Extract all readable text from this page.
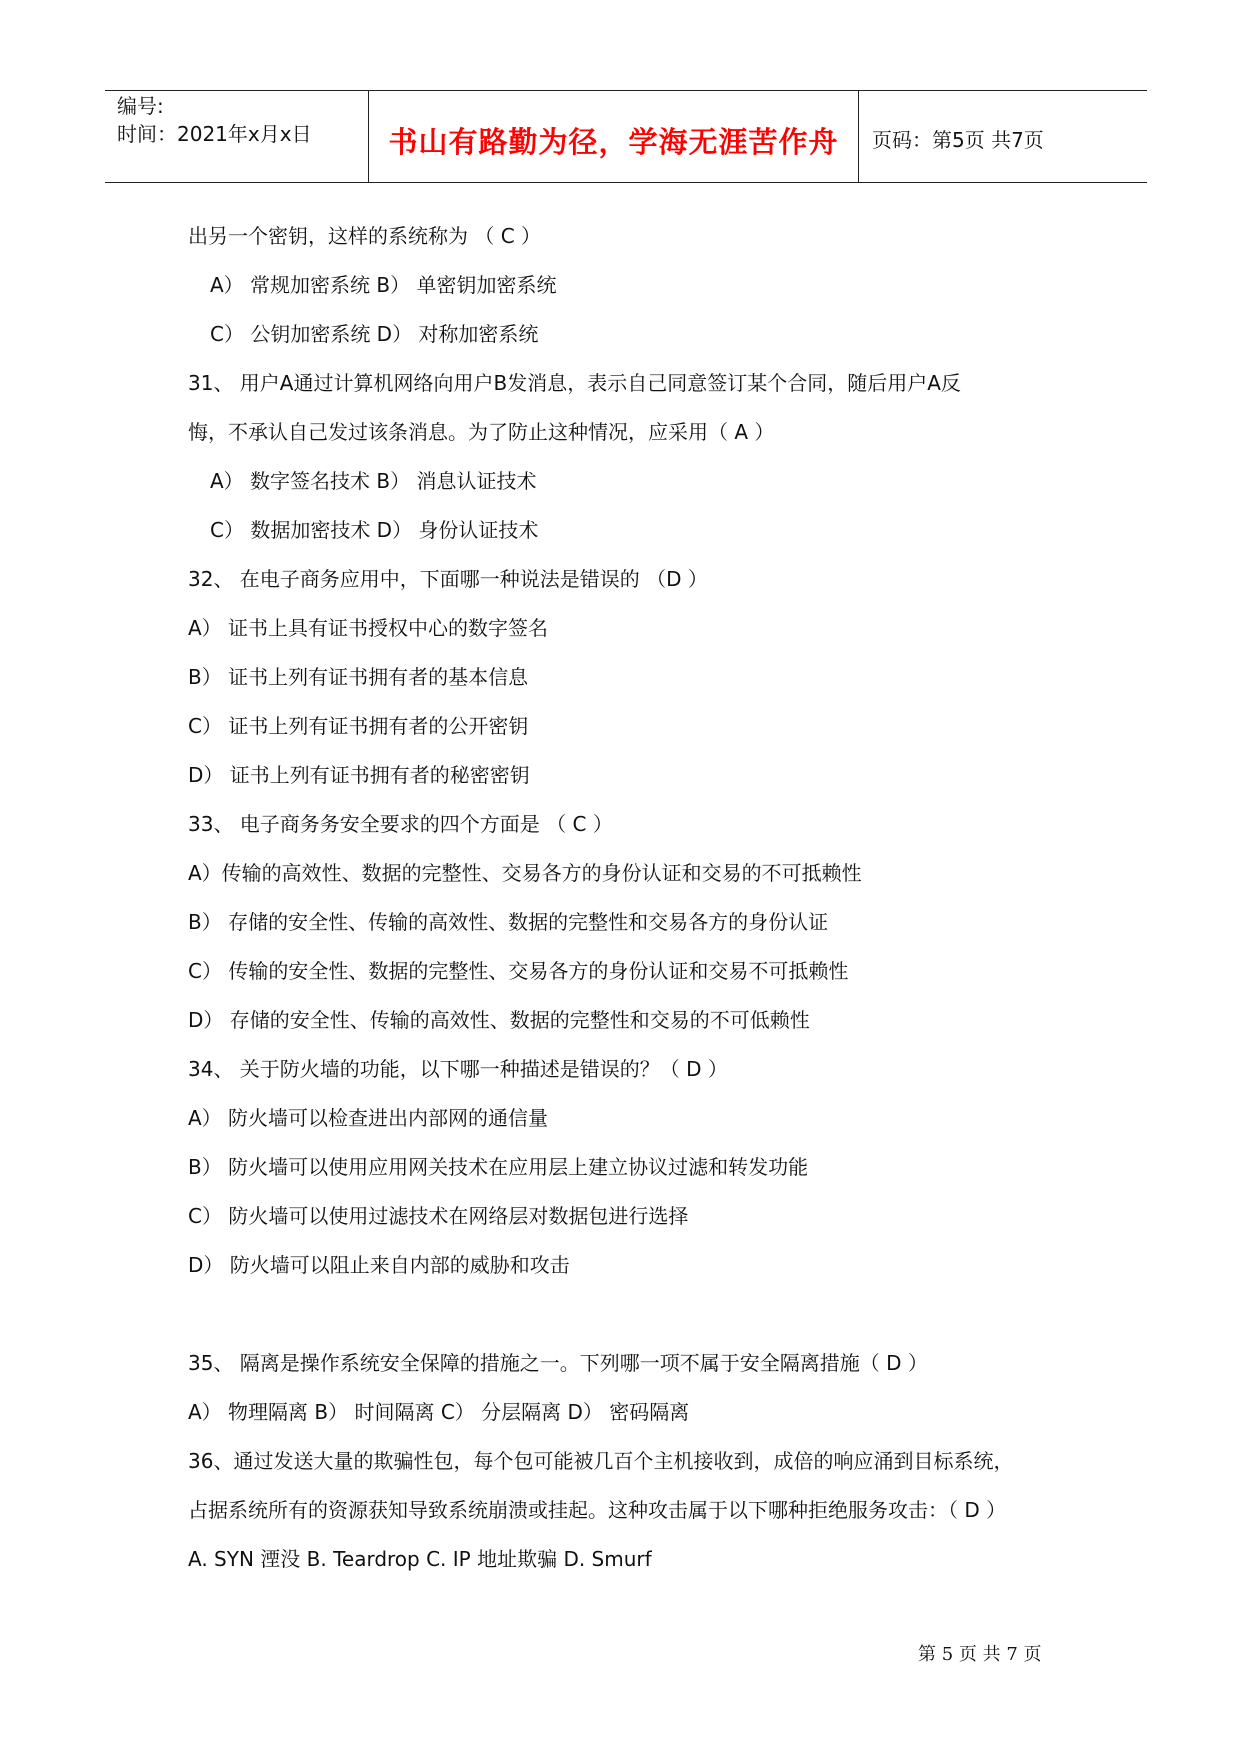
编号:
时间：2021年x月x日	书山有路勤为径，学海无涯苦作舟	页码：第5页 共7页
出另一个密钥，这样的系统称为 （ C ）
A） 常规加密系统 B） 单密钥加密系统
C） 公钥加密系统 D） 对称加密系统
31、 用户A通过计算机网络向用户B发消息，表示自己同意签订某个合同，随后用户A反
悔，不承认自己发过该条消息。为了防止这种情况，应采用（ A ）
A） 数字签名技术 B） 消息认证技术
C） 数据加密技术 D） 身份认证技术
32、 在电子商务应用中，下面哪一种说法是错误的 （D ）
A） 证书上具有证书授权中心的数字签名
B） 证书上列有证书拥有者的基本信息
C） 证书上列有证书拥有者的公开密钥
D） 证书上列有证书拥有者的秘密密钥
33、 电子商务务安全要求的四个方面是 （ C ）
A）传输的高效性、数据的完整性、交易各方的身份认证和交易的不可抵赖性
B） 存储的安全性、传输的高效性、数据的完整性和交易各方的身份认证
C） 传输的安全性、数据的完整性、交易各方的身份认证和交易不可抵赖性
D） 存储的安全性、传输的高效性、数据的完整性和交易的不可低赖性
34、 关于防火墙的功能，以下哪一种描述是错误的？（ D ）
A） 防火墙可以检查进出内部网的通信量
B） 防火墙可以使用应用网关技术在应用层上建立协议过滤和转发功能
C） 防火墙可以使用过滤技术在网络层对数据包进行选择
D） 防火墙可以阻止来自内部的威胁和攻击
35、 隔离是操作系统安全保障的措施之一。下列哪一项不属于安全隔离措施（ D ）
A） 物理隔离 B） 时间隔离 C） 分层隔离 D） 密码隔离
36、通过发送大量的欺骗性包，每个包可能被几百个主机接收到，成倍的响应涌到目标系统，
占据系统所有的资源获知导致系统崩溃或挂起。这种攻击属于以下哪种拒绝服务攻击：（ D ）
A. SYN 湮没 B. Teardrop C. IP 地址欺骗 D. Smurf
第 5 页 共 7 页
